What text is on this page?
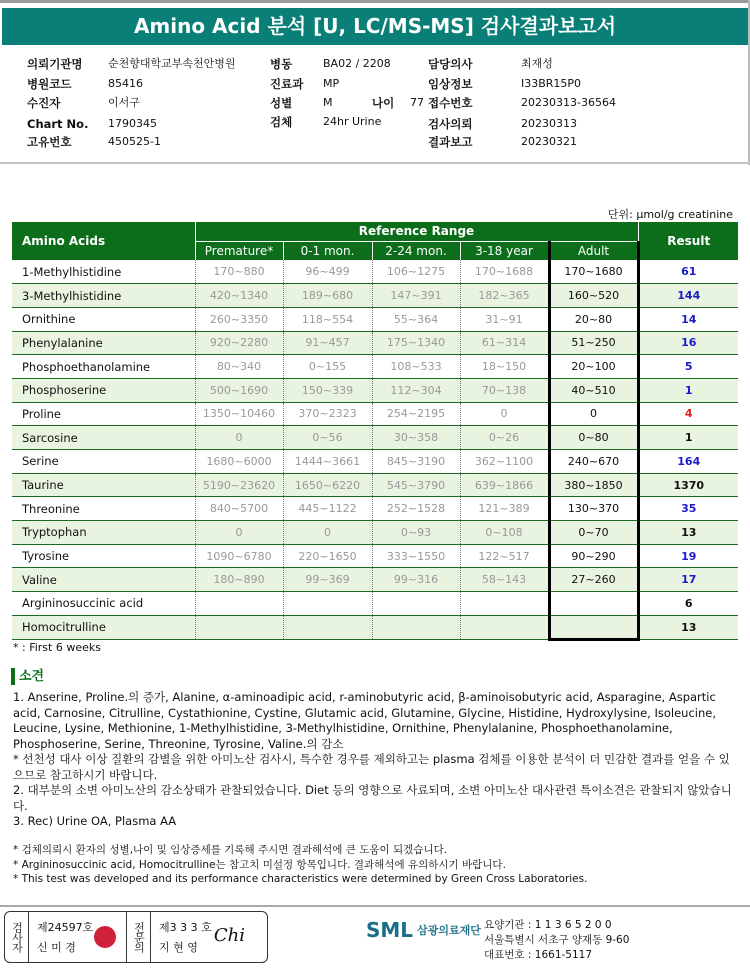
Amino Acid 분석 [U, LC/MS-MS] 검사결과보고서
의뢰기관명 순천향대학교부속천안병원
병원코드	85416
수진자	이서구
Chart No. 1790345
고유번호	450525-1
병동	BA02 / 2208
진료과 MP
성별	M	나이 77
검체	24hr Urine
담당의사	최재성
임상정보	I33BR15P0
접수번호	20230313-36564
검사의뢰	20230313
결과보고	20230321
단위: μmol/g creatinine
Amino Acids	Reference Range					Result
	Premature*	0-1 mon.	2-24 mon.	3-18 year	Adult	
1-Methylhistidine	170~880	96~499	106~1275	170~1688	170~1680	61
3-Methylhistidine	420~1340	189~680	147~391	182~365	160~520	144
Ornithine	260~3350	118~554	55~364	31~91	20~80	14
Phenylalanine	920~2280	91~457	175~1340	61~314	51~250	16
Phosphoethanolamine	80~340	0~155	108~533	18~150	20~100	5
Phosphoserine	500~1690	150~339	112~304	70~138	40~510	1
Proline	1350~10460	370~2323	254~2195	0	0	4
Sarcosine	0	0~56	30~358	0~26	0~80	1
Serine	1680~6000	1444~3661	845~3190	362~1100	240~670	164
Taurine	5190~23620	1650~6220	545~3790	639~1866	380~1850	1370
Threonine	840~5700	445~1122	252~1528	121~389	130~370	35
Tryptophan	0	0	0~93	0~108	0~70	13
Tyrosine	1090~6780	220~1650	333~1550	122~517	90~290	19
Valine	180~890	99~369	99~316	58~143	27~260	17
Argininosuccinic acid						6
Homocitrulline						13
* : First 6 weeks
소견
1. Anserine, Proline.의 증가, Alanine, α-aminoadipic acid, r-aminobutyric acid, β-aminoisobutyric acid, Asparagine, Aspartic acid, Carnosine, Citrulline, Cystathionine, Cystine, Glutamic acid, Glutamine, Glycine, Histidine, Hydroxylysine, Isoleucine, Leucine, Lysine, Methionine, 1-Methylhistidine, 3-Methylhistidine, Ornithine, Phenylalanine, Phosphoethanolamine, Phosphoserine, Serine, Threonine, Tyrosine, Valine.의 감소
* 선천성 대사 이상 질환의 감별을 위한 아미노산 검사시, 특수한 경우를 제외하고는 plasma 검체를 이용한 분석이 더 민감한 결과를 얻을 수 있으므로 참고하시기 바랍니다.
2. 대부분의 소변 아미노산의 감소상태가 관찰되었습니다. Diet 등의 영향으로 사료되며, 소변 아미노산 대사관련 특이소견은 관찰되지 않았습니다.
3. Rec) Urine OA, Plasma AA
* 검체의뢰시 환자의 성별,나이 및 임상증세를 기록해 주시면 결과해석에 큰 도움이 되겠습니다.
* Argininosuccinic acid, Homocitrulline는 참고치 미설정 항목입니다. 결과해석에 유의하시기 바랍니다.
* This test was developed and its performance characteristics were determined by Green Cross Laboratories.
검사자	제24597호
신 미 경	전문의	제3 3 3 호
지 현 영
Chi	SML 삼광의료재단 요양기관 : 1 1 3 6 5 2 0 0
서울특별시 서초구 양재동 9-60
대표번호 : 1661-5117
